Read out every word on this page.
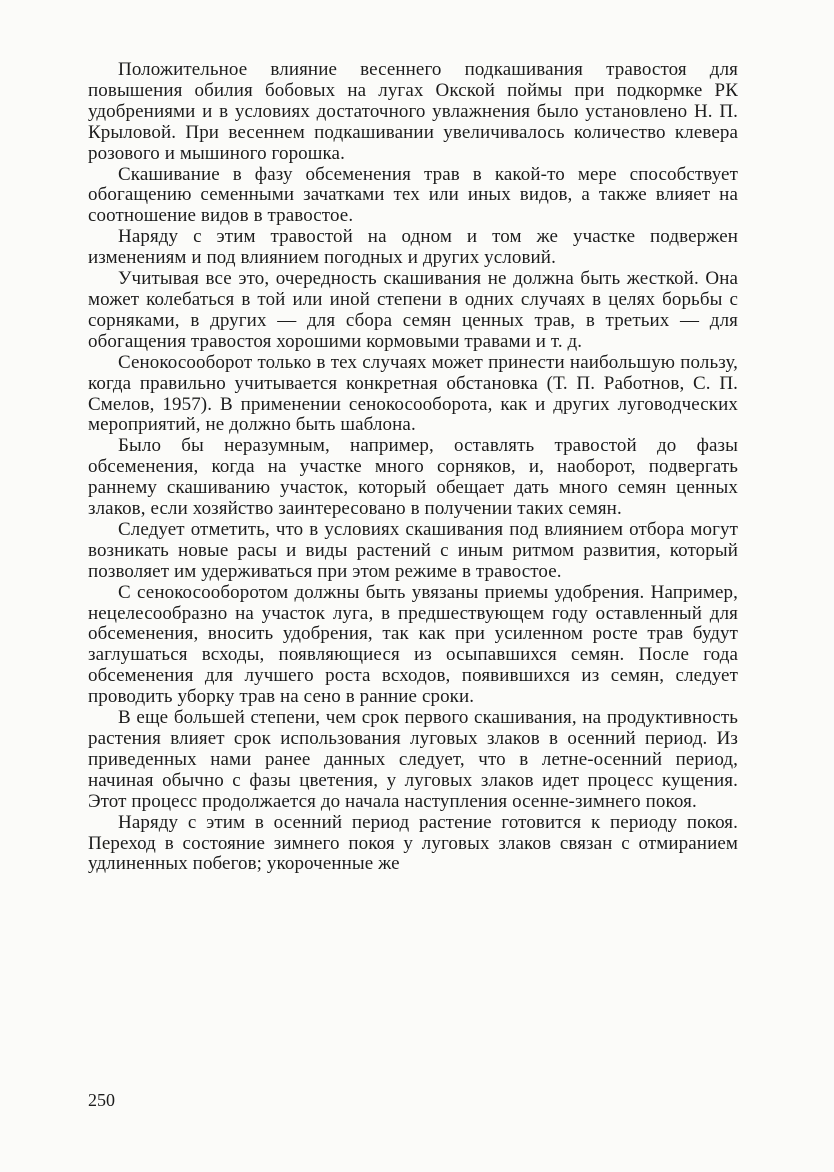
Положительное влияние весеннего подкашивания травостоя для повышения обилия бобовых на лугах Окской поймы при подкормке РК удобрениями и в условиях достаточного увлажнения было установлено Н. П. Крыловой. При весеннем подкашивании увеличивалось количество клевера розового и мышиного горошка.

Скашивание в фазу обсеменения трав в какой-то мере способствует обогащению семенными зачатками тех или иных видов, а также влияет на соотношение видов в травостое.

Наряду с этим травостой на одном и том же участке подвержен изменениям и под влиянием погодных и других условий.

Учитывая все это, очередность скашивания не должна быть жесткой. Она может колебаться в той или иной степени в одних случаях в целях борьбы с сорняками, в других — для сбора семян ценных трав, в третьих — для обогащения травостоя хорошими кормовыми травами и т. д.

Сенокосооборот только в тех случаях может принести наибольшую пользу, когда правильно учитывается конкретная обстановка (Т. П. Работнов, С. П. Смелов, 1957). В применении сенокосооборота, как и других луговодческих мероприятий, не должно быть шаблона.

Было бы неразумным, например, оставлять травостой до фазы обсеменения, когда на участке много сорняков, и, наоборот, подвергать раннему скашиванию участок, который обещает дать много семян ценных злаков, если хозяйство заинтересовано в получении таких семян.

Следует отметить, что в условиях скашивания под влиянием отбора могут возникать новые расы и виды растений с иным ритмом развития, который позволяет им удерживаться при этом режиме в травостое.

С сенокосооборотом должны быть увязаны приемы удобрения. Например, нецелесообразно на участок луга, в предшествующем году оставленный для обсеменения, вносить удобрения, так как при усиленном росте трав будут заглушаться всходы, появляющиеся из осыпавшихся семян. После года обсеменения для лучшего роста всходов, появившихся из семян, следует проводить уборку трав на сено в ранние сроки.

В еще большей степени, чем срок первого скашивания, на продуктивность растения влияет срок использования луговых злаков в осенний период. Из приведенных нами ранее данных следует, что в летне-осенний период, начиная обычно с фазы цветения, у луговых злаков идет процесс кущения. Этот процесс продолжается до начала наступления осенне-зимнего покоя.

Наряду с этим в осенний период растение готовится к периоду покоя. Переход в состояние зимнего покоя у луговых злаков связан с отмиранием удлиненных побегов; укороченные же

250
